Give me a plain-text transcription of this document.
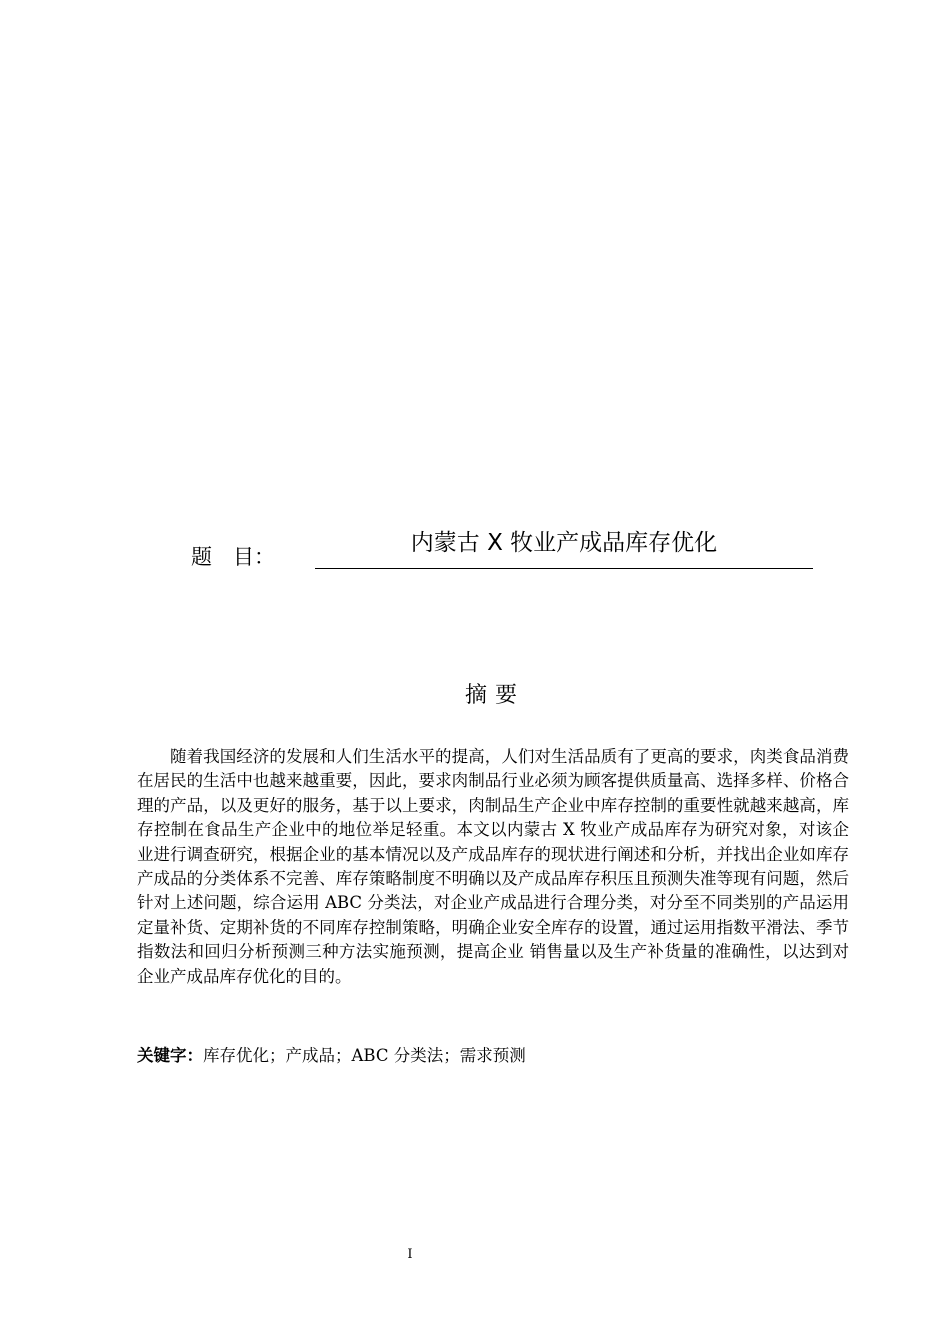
题　目：
内蒙古 X 牧业产成品库存优化
摘要

随着我国经济的发展和人们生活水平的提高，人们对生活品质有了更高的要求，肉类食品消费在居民的生活中也越来越重要，因此，要求肉制品行业必须为顾客提供质量高、选择多样、价格合理的产品，以及更好的服务，基于以上要求，肉制品生产企业中库存控制的重要性就越来越高，库存控制在食品生产企业中的地位举足轻重。本文以内蒙古 X 牧业产成品库存为研究对象，对该企业进行调查研究，根据企业的基本情况以及产成品库存的现状进行阐述和分析，并找出企业如库存产成品的分类体系不完善、库存策略制度不明确以及产成品库存积压且预测失准等现有问题，然后针对上述问题，综合运用 ABC 分类法，对企业产成品进行合理分类，对分至不同类别的产品运用定量补货、定期补货的不同库存控制策略，明确企业安全库存的设置，通过运用指数平滑法、季节指数法和回归分析预测三种方法实施预测，提高企业 销售量以及生产补货量的准确性，以达到对企业产成品库存优化的目的。

关键字：库存优化；产成品；ABC 分类法；需求预测
I
